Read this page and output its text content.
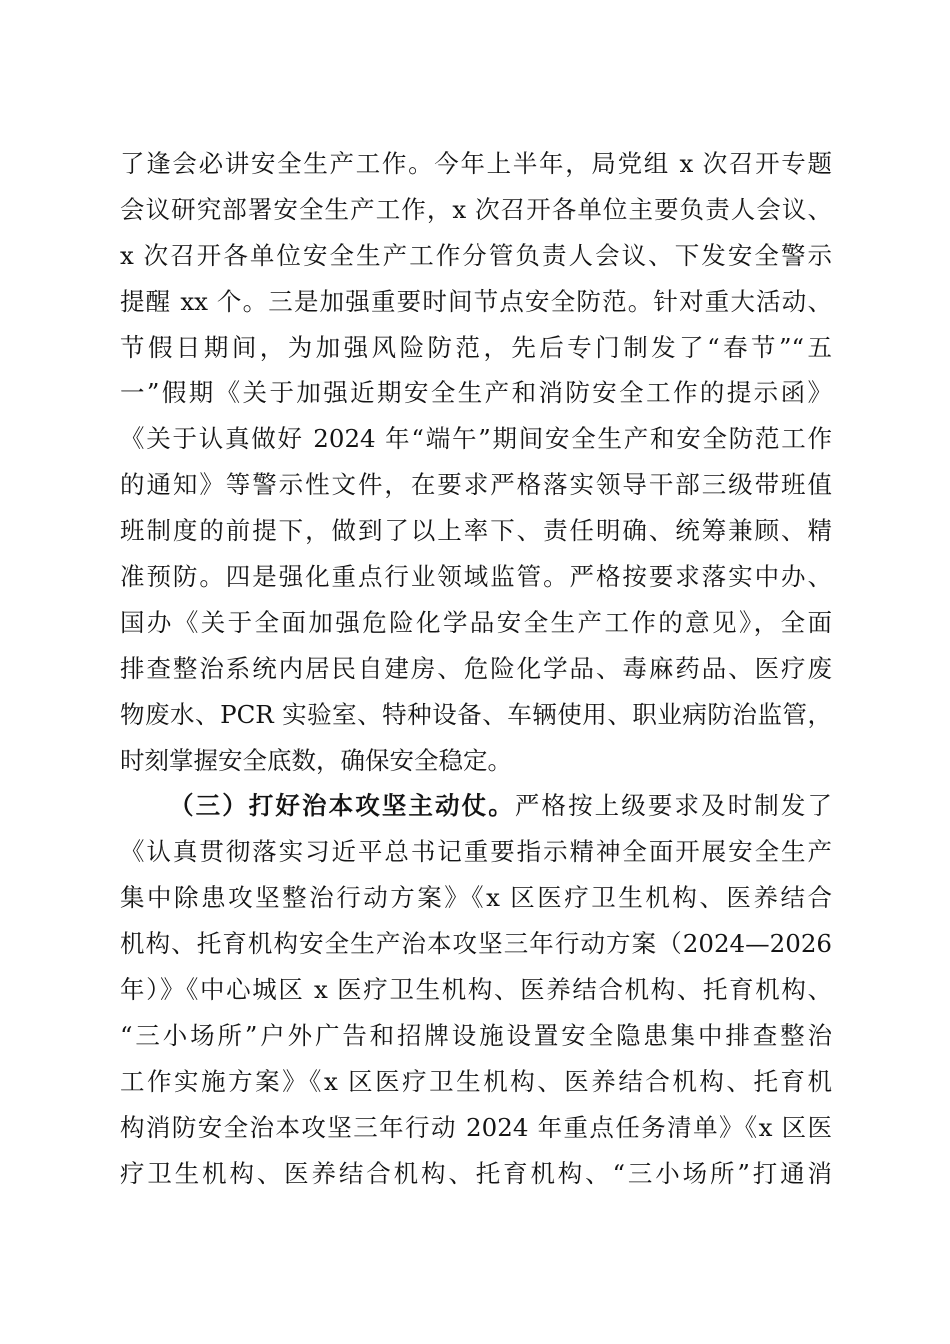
了逢会必讲安全生产工作。今年上半年，局党组 x 次召开专题
会议研究部署安全生产工作，x 次召开各单位主要负责人会议、
x 次召开各单位安全生产工作分管负责人会议、下发安全警示
提醒 xx 个。三是加强重要时间节点安全防范。针对重大活动、
节假日期间，为加强风险防范，先后专门制发了“春节”“五
一”假期《关于加强近期安全生产和消防安全工作的提示函》
《关于认真做好 2024 年“端午”期间安全生产和安全防范工作
的通知》等警示性文件，在要求严格落实领导干部三级带班值
班制度的前提下，做到了以上率下、责任明确、统筹兼顾、精
准预防。四是强化重点行业领域监管。严格按要求落实中办、
国办《关于全面加强危险化学品安全生产工作的意见》，全面
排查整治系统内居民自建房、危险化学品、毒麻药品、医疗废
物废水、PCR 实验室、特种设备、车辆使用、职业病防治监管，
时刻掌握安全底数，确保安全稳定。
（三）打好治本攻坚主动仗。严格按上级要求及时制发了
《认真贯彻落实习近平总书记重要指示精神全面开展安全生产
集中除患攻坚整治行动方案》《x 区医疗卫生机构、医养结合
机构、托育机构安全生产治本攻坚三年行动方案（2024—2026
年）》《中心城区 x 医疗卫生机构、医养结合机构、托育机构、
“三小场所”户外广告和招牌设施设置安全隐患集中排查整治
工作实施方案》《x 区医疗卫生机构、医养结合机构、托育机
构消防安全治本攻坚三年行动 2024 年重点任务清单》《x 区医
疗卫生机构、医养结合机构、托育机构、“三小场所”打通消
